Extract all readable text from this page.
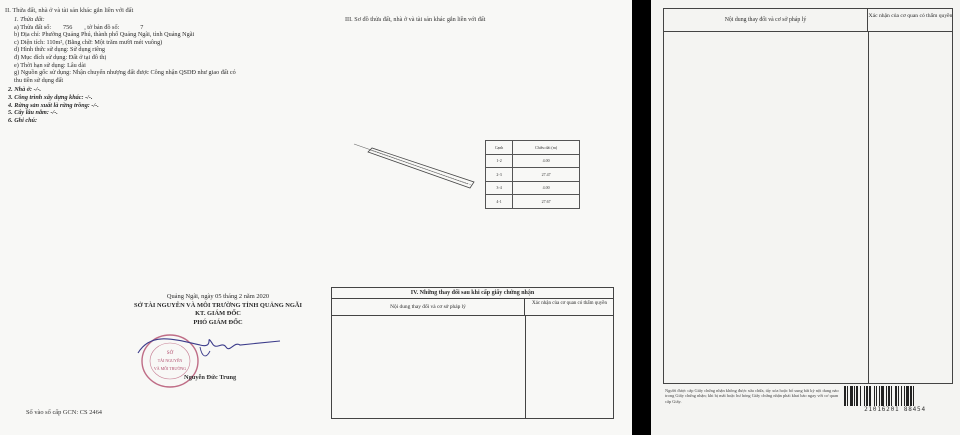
II. Thửa đất, nhà ở và tài sản khác gắn liền với đất
1. Thửa đất:
a) Thửa đất số: 756 , tờ bản đồ số:	7
b) Địa chỉ: Phường Quảng Phú, thành phố Quảng Ngãi, tỉnh Quảng Ngãi
c) Diện tích: 110m², (Bằng chữ: Một trăm mười mét vuông)
d) Hình thức sử dụng: Sử dụng riêng
đ) Mục đích sử dụng: Đất ở tại đô thị
e) Thời hạn sử dụng: Lâu dài
g) Nguồn gốc sử dụng: Nhận chuyển nhượng đất được Công nhận QSDĐ như giao đất có
thu tiền sử dụng đất
2. Nhà ở: -/-.
3. Công trình xây dựng khác: -/-.
4. Rừng sản xuất là rừng trồng: -/-.
5. Cây lâu năm: -/-.
6. Ghi chú:
III. Sơ đồ thửa đất, nhà ở và tài sản khác gắn liền với đất
Cạnh	Chiều dài (m)
1-2	4.00
2-3	27.47
3-4	4.00
4-1	27.67
IV. Những thay đổi sau khi cấp giấy chứng nhận
Nội dung thay đổi và cơ sở pháp lý
Xác nhận của cơ quan có thẩm quyền
Quảng Ngãi, ngày 05 tháng 2 năm 2020
SỞ TÀI NGUYÊN VÀ MÔI TRƯỜNG TỈNH QUẢNG NGÃI
KT. GIÁM ĐỐC
PHÓ GIÁM ĐỐC
SỞ
TÀI NGUYÊN
VÀ MÔI TRƯỜNG
Nguyễn Đức Trung
Số vào sổ cấp GCN: CS 2464
Nội dung thay đổi và cơ sở pháp lý
Xác nhận của cơ quan có thẩm quyền
Người được cấp Giấy chứng nhận không được sửa chữa, tẩy xóa hoặc bổ sung bất kỳ nội dung nào trong Giấy chứng nhận; khi bị mất hoặc hư hỏng Giấy chứng nhận phải khai báo ngay với cơ quan cấp Giấy.
21016201 88454
